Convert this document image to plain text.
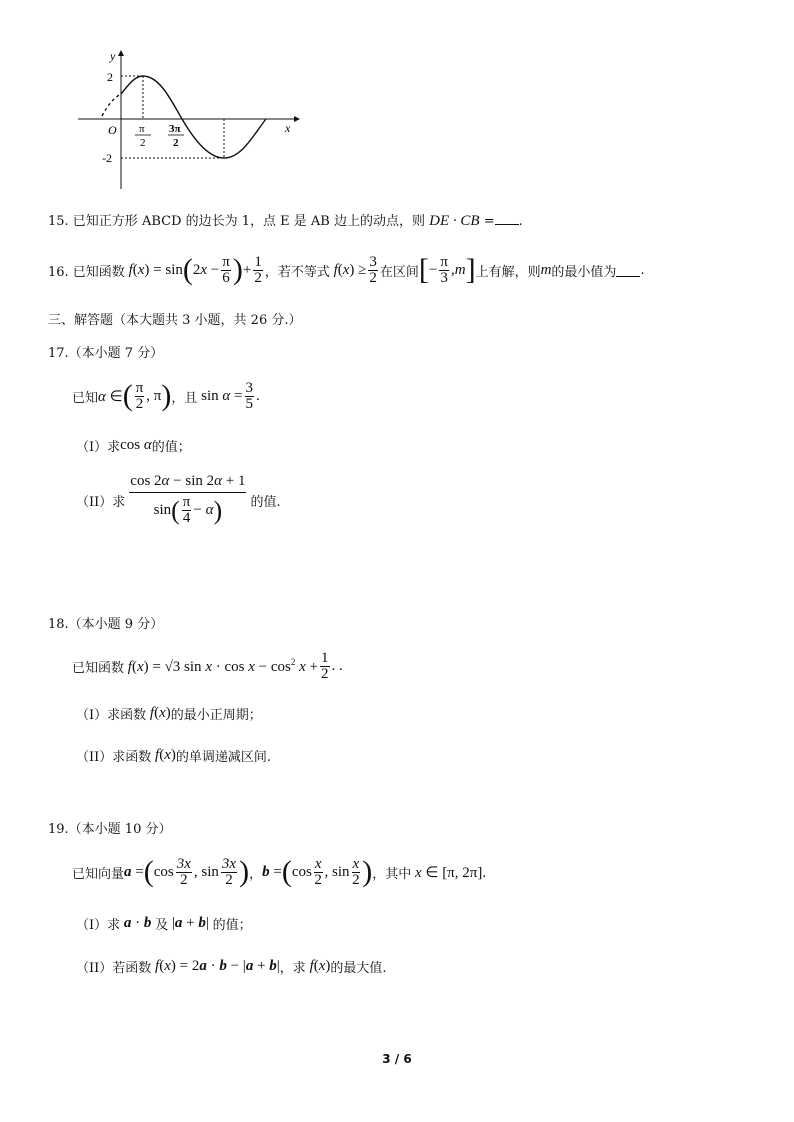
y
x
O
2
-2
π
2
3π
2
15. 已知正方形 ABCD 的边长为 1，点 E 是 AB 边上的动点，则 DE · CB = .
16. 已知函数 f(x) = sin ( $2x - \frac{\pi}{6}$ ) + $\frac{1}{2}$ ，若不等式 $f(x) \ge \frac{3}{2}$ 在区间 [ − $\frac{\pi}{3} ,m$ ] 上有解，则 m 的最小值为 .
三、解答题（本大题共 3 小题，共 26 分.）
17.（本小题 7 分）
已知 α ∈ ( $\frac{\pi}{2}$ , π ) ，且 $\sin \alpha = \frac{3}{5}$ .
（I）求 cos α 的值；
（II）求 $\frac{\cos 2\alpha - \sin 2\alpha + 1}{\sin( \frac{\pi}{4} - \alpha)}$ 的值.
18.（本小题 9 分）
已知函数 f(x) = √3 $\sin x \cdot \cos x - \cos^2 x + \frac{1}{2}$ . .
（I）求函数 f(x) 的最小正周期；
（II）求函数 f(x) 的单调递减区间.
19.（本小题 10 分）
已知向量 a = ( $\cos \frac{3x}{2}$ , $\sin \frac{3x}{2}$ ) ， b = ( $\cos \frac{x}{2}$ , $\sin \frac{x}{2}$ ) ，其中 x ∈ [π, 2π].
（I）求 a · b 及 |a + b| 的值；
（II）若函数 f(x) = 2a · b − |a + b| ，求 f(x) 的最大值.
3 / 6
